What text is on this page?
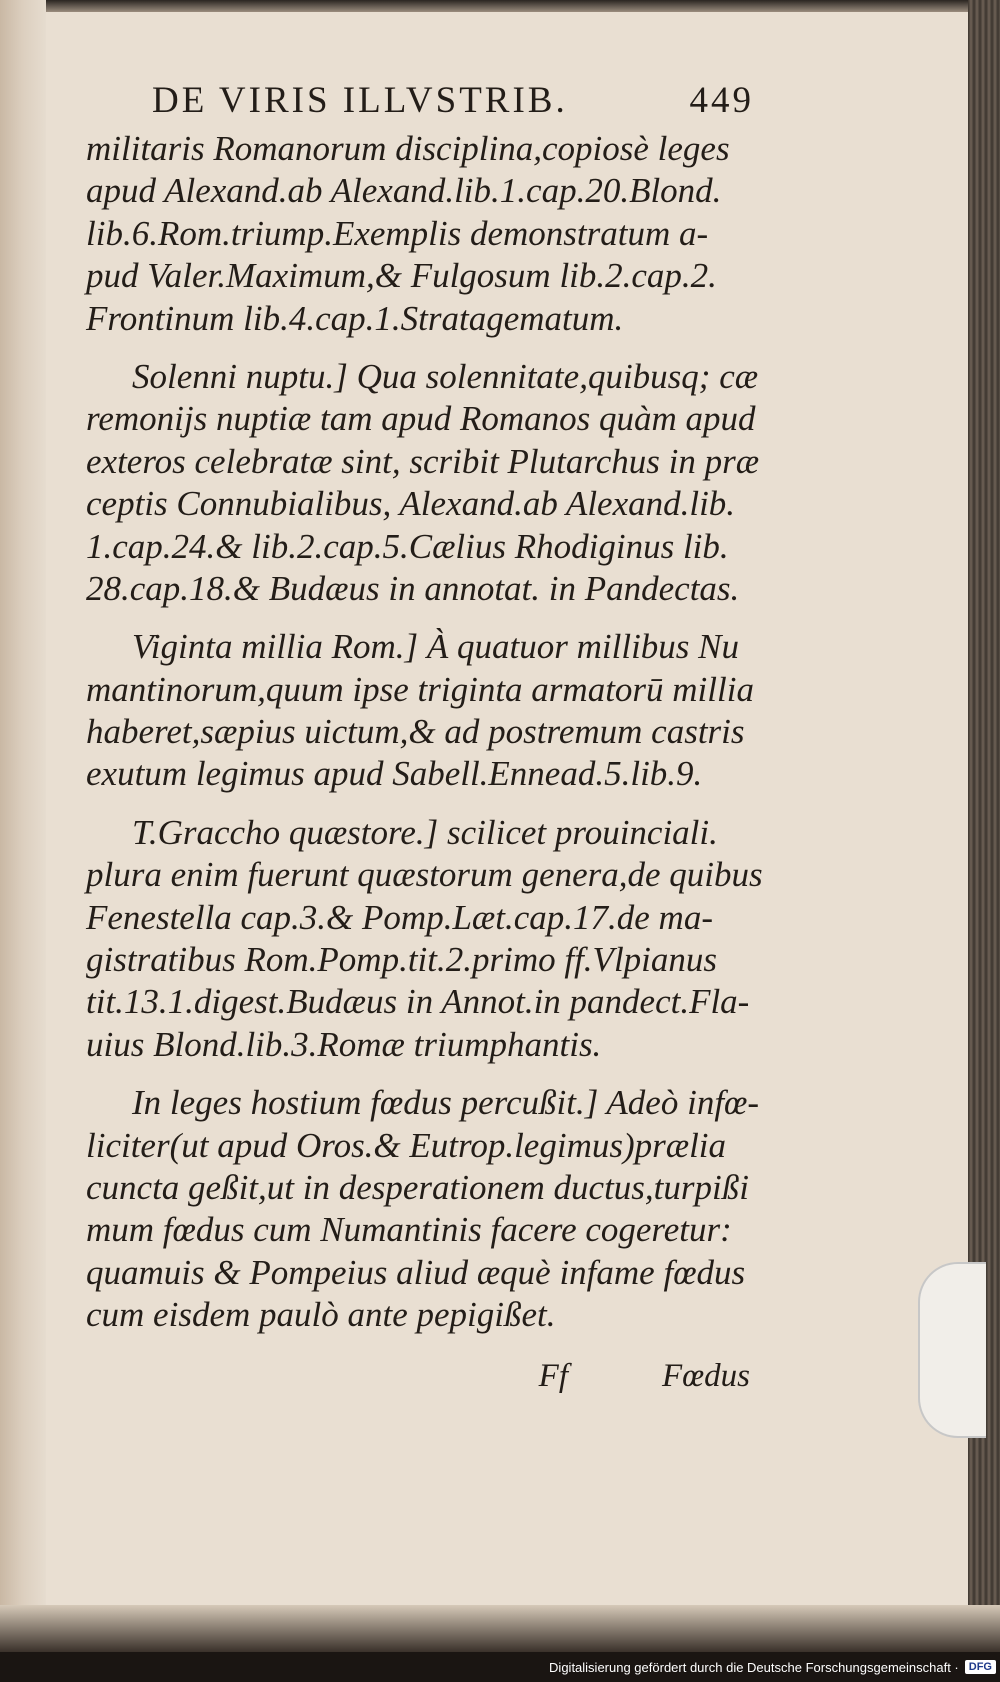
DE VIRIS ILLVSTRIB.	449
militaris Romanorum disciplina,copiosè leges
apud Alexand.ab Alexand.lib.1.cap.20.Blond.
lib.6.Rom.triump.Exemplis demonstratum a-
pud Valer.Maximum,& Fulgosum lib.2.cap.2.
Frontinum lib.4.cap.1.Stratagematum.
Solenni nuptu.] Qua solennitate,quibusq; cæ
remonijs nuptiæ tam apud Romanos quàm apud
exteros celebratæ sint, scribit Plutarchus in præ
ceptis Connubialibus, Alexand.ab Alexand.lib.
1.cap.24.& lib.2.cap.5.Cælius Rhodiginus lib.
28.cap.18.& Budæus in annotat. in Pandectas.
Viginta millia Rom.] À quatuor millibus Nu
mantinorum,quum ipse triginta armatorū millia
haberet,sæpius uictum,& ad postremum castris
exutum legimus apud Sabell.Ennead.5.lib.9.
T.Graccho quæstore.] scilicet prouinciali.
plura enim fuerunt quæstorum genera,de quibus
Fenestella cap.3.& Pomp.Læt.cap.17.de ma-
gistratibus Rom.Pomp.tit.2.primo ff.Vlpianus
tit.13.1.digest.Budæus in Annot.in pandect.Fla-
uius Blond.lib.3.Romæ triumphantis.
In leges hostium fœdus percußit.] Adeò infœ-
liciter(ut apud Oros.& Eutrop.legimus)prælia
cuncta geßit,ut in desperationem ductus,turpißi
mum fœdus cum Numantinis facere cogeretur:
quamuis & Pompeius aliud æquè infame fœdus
cum eisdem paulò ante pepigißet.
Ff	Fœdus
Digitalisierung gefördert durch die Deutsche Forschungsgemeinschaft · DFG
